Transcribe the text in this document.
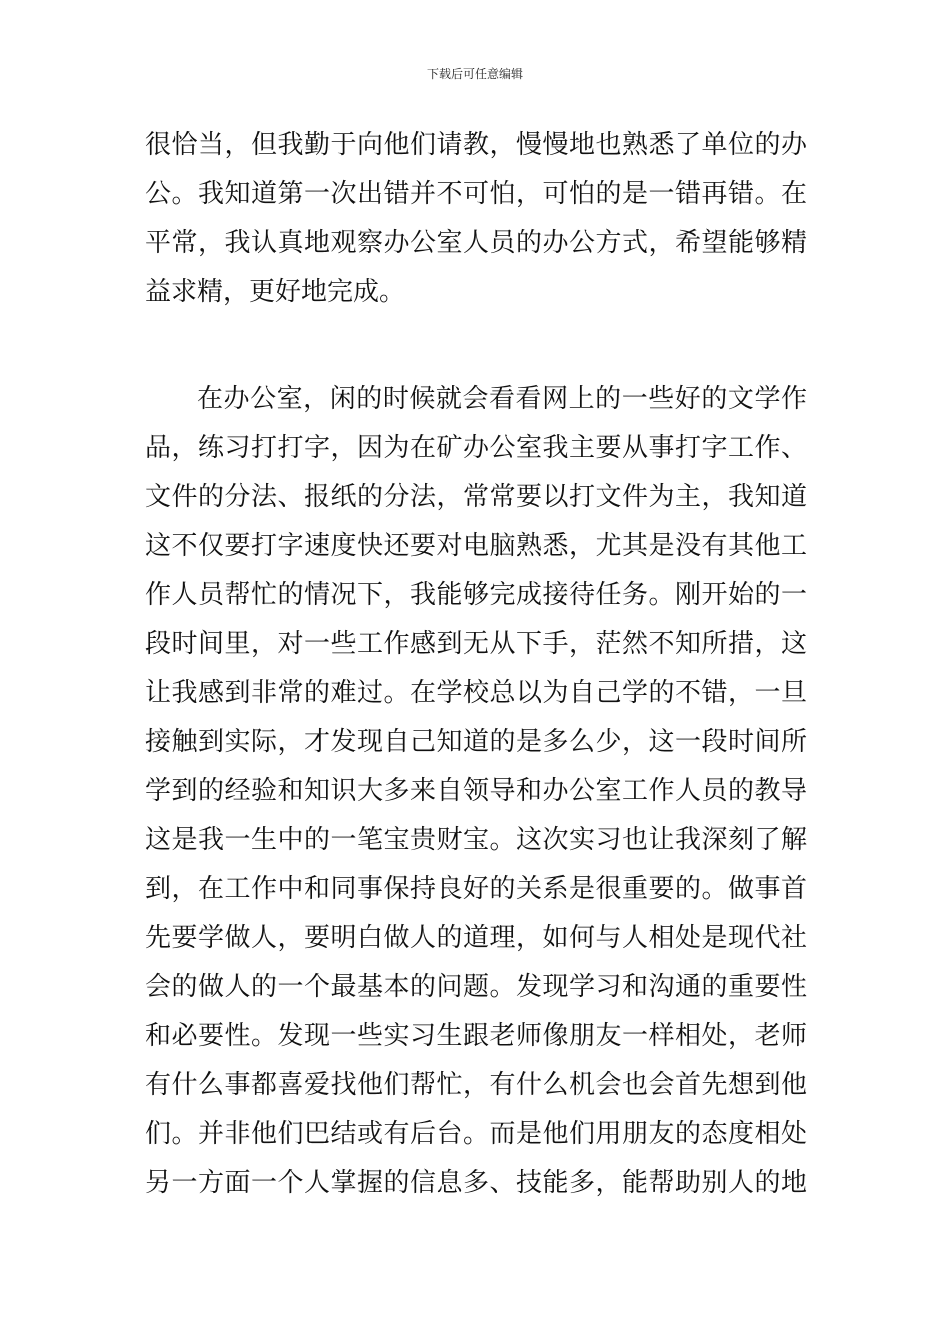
下载后可任意编辑
很恰当，但我勤于向他们请教，慢慢地也熟悉了单位的办
公。我知道第一次出错并不可怕，可怕的是一错再错。在
平常，我认真地观察办公室人员的办公方式，希望能够精
益求精，更好地完成。
在办公室，闲的时候就会看看网上的一些好的文学作
品，练习打打字，因为在矿办公室我主要从事打字工作、
文件的分法、报纸的分法，常常要以打文件为主，我知道
这不仅要打字速度快还要对电脑熟悉，尤其是没有其他工
作人员帮忙的情况下，我能够完成接待任务。刚开始的一
段时间里，对一些工作感到无从下手，茫然不知所措，这
让我感到非常的难过。在学校总以为自己学的不错，一旦
接触到实际，才发现自己知道的是多么少，这一段时间所
学到的经验和知识大多来自领导和办公室工作人员的教导
这是我一生中的一笔宝贵财宝。这次实习也让我深刻了解
到，在工作中和同事保持良好的关系是很重要的。做事首
先要学做人，要明白做人的道理，如何与人相处是现代社
会的做人的一个最基本的问题。发现学习和沟通的重要性
和必要性。发现一些实习生跟老师像朋友一样相处，老师
有什么事都喜爱找他们帮忙，有什么机会也会首先想到他
们。并非他们巴结或有后台。而是他们用朋友的态度相处
另一方面一个人掌握的信息多、技能多，能帮助别人的地
